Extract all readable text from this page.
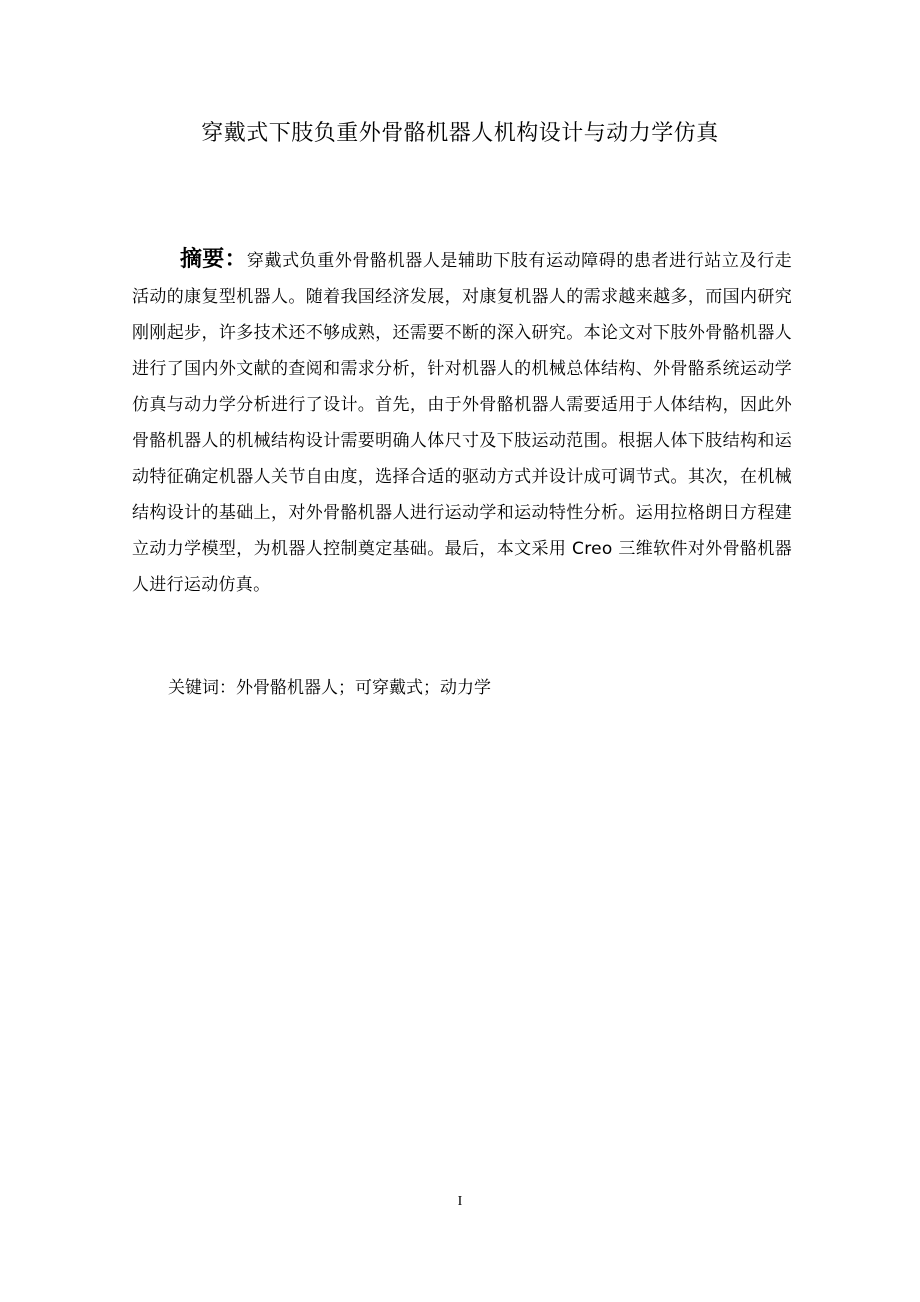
穿戴式下肢负重外骨骼机器人机构设计与动力学仿真
摘要：穿戴式负重外骨骼机器人是辅助下肢有运动障碍的患者进行站立及行走活动的康复型机器人。随着我国经济发展，对康复机器人的需求越来越多，而国内研究刚刚起步，许多技术还不够成熟，还需要不断的深入研究。本论文对下肢外骨骼机器人进行了国内外文献的查阅和需求分析，针对机器人的机械总体结构、外骨骼系统运动学仿真与动力学分析进行了设计。首先，由于外骨骼机器人需要适用于人体结构，因此外骨骼机器人的机械结构设计需要明确人体尺寸及下肢运动范围。根据人体下肢结构和运动特征确定机器人关节自由度，选择合适的驱动方式并设计成可调节式。其次，在机械结构设计的基础上，对外骨骼机器人进行运动学和运动特性分析。运用拉格朗日方程建立动力学模型，为机器人控制奠定基础。最后，本文采用 Creo 三维软件对外骨骼机器人进行运动仿真。
关键词：外骨骼机器人；可穿戴式；动力学
I
